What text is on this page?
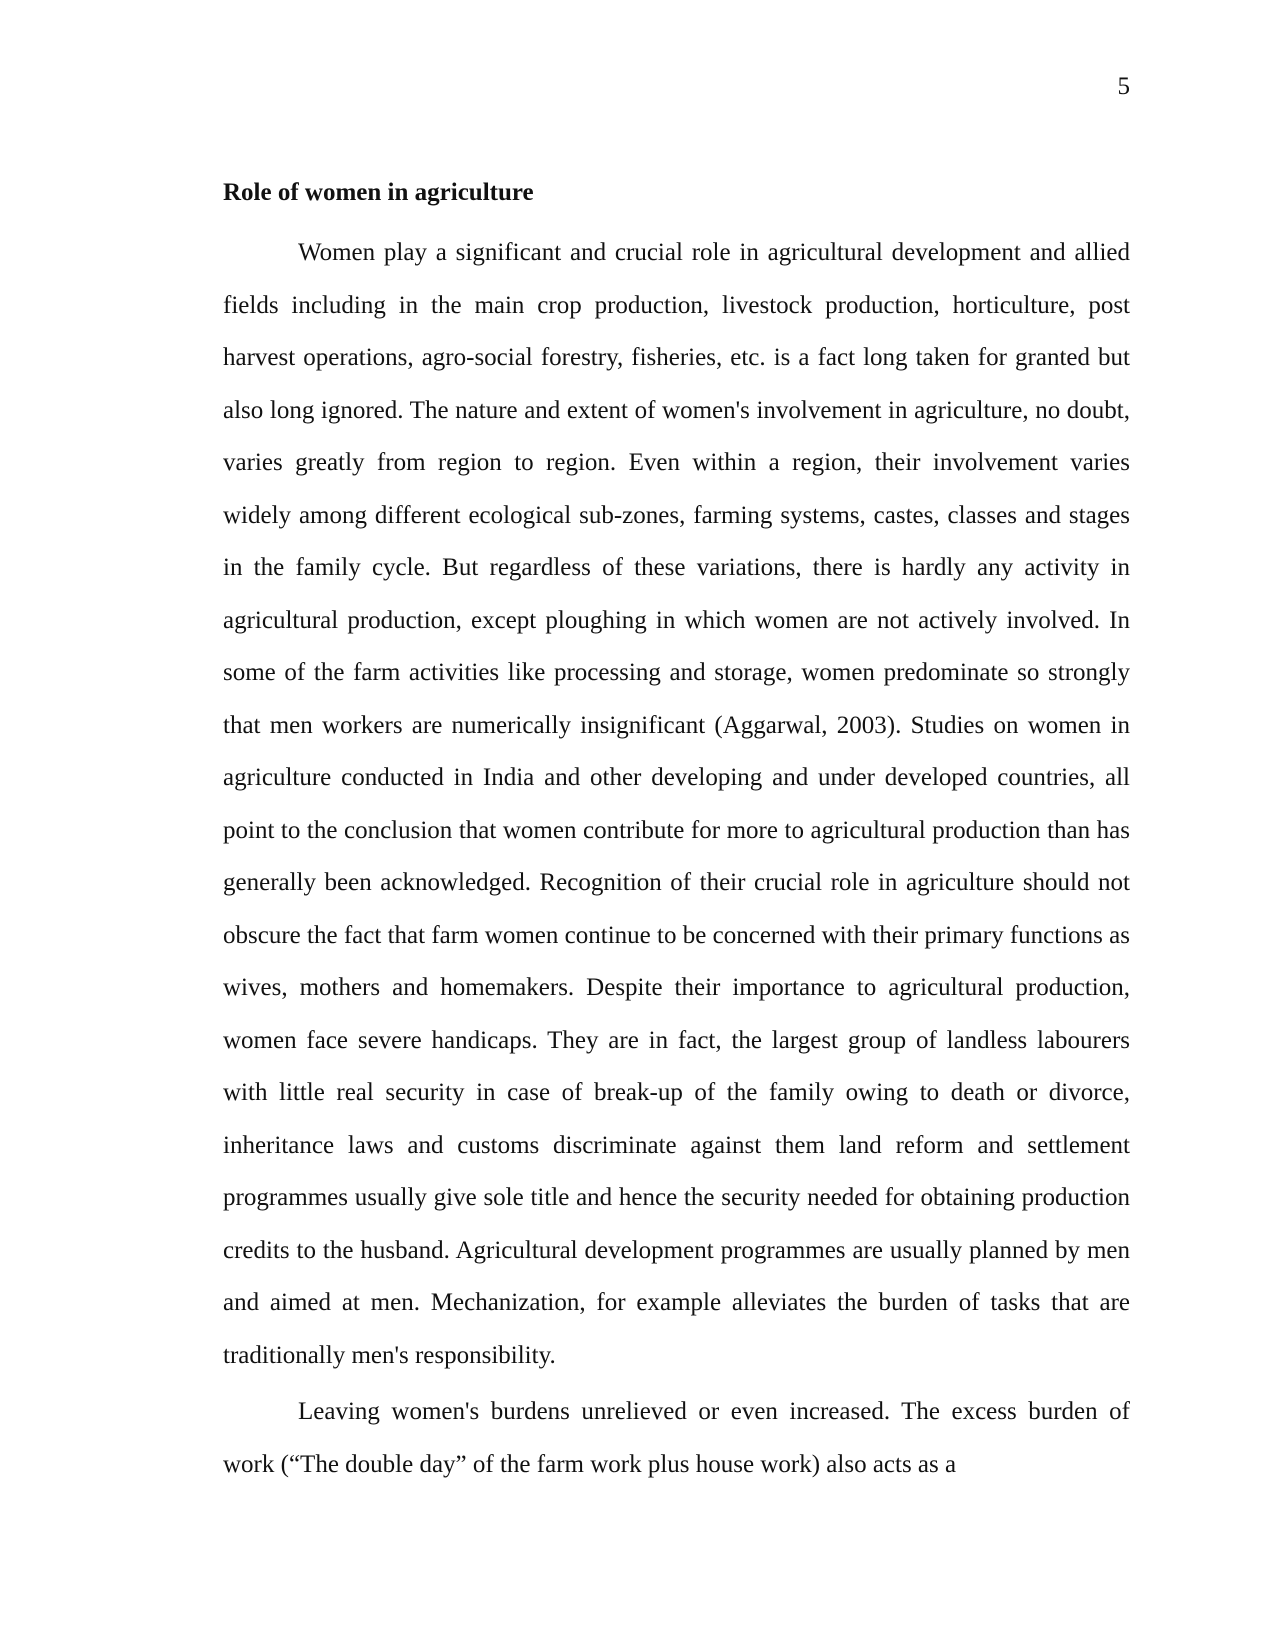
5
Role of women in agriculture

Women play a significant and crucial role in agricultural development and allied fields including in the main crop production, livestock production, horticulture, post harvest operations, agro-social forestry, fisheries, etc. is a fact long taken for granted but also long ignored. The nature and extent of women's involvement in agriculture, no doubt, varies greatly from region to region. Even within a region, their involvement varies widely among different ecological sub-zones, farming systems, castes, classes and stages in the family cycle. But regardless of these variations, there is hardly any activity in agricultural production, except ploughing in which women are not actively involved. In some of the farm activities like processing and storage, women predominate so strongly that men workers are numerically insignificant (Aggarwal, 2003). Studies on women in agriculture conducted in India and other developing and under developed countries, all point to the conclusion that women contribute for more to agricultural production than has generally been acknowledged. Recognition of their crucial role in agriculture should not obscure the fact that farm women continue to be concerned with their primary functions as wives, mothers and homemakers. Despite their importance to agricultural production, women face severe handicaps. They are in fact, the largest group of landless labourers with little real security in case of break-up of the family owing to death or divorce, inheritance laws and customs discriminate against them land reform and settlement programmes usually give sole title and hence the security needed for obtaining production credits to the husband. Agricultural development programmes are usually planned by men and aimed at men. Mechanization, for example alleviates the burden of tasks that are traditionally men's responsibility.

Leaving women's burdens unrelieved or even increased. The excess burden of work (“The double day” of the farm work plus house work) also acts as a
